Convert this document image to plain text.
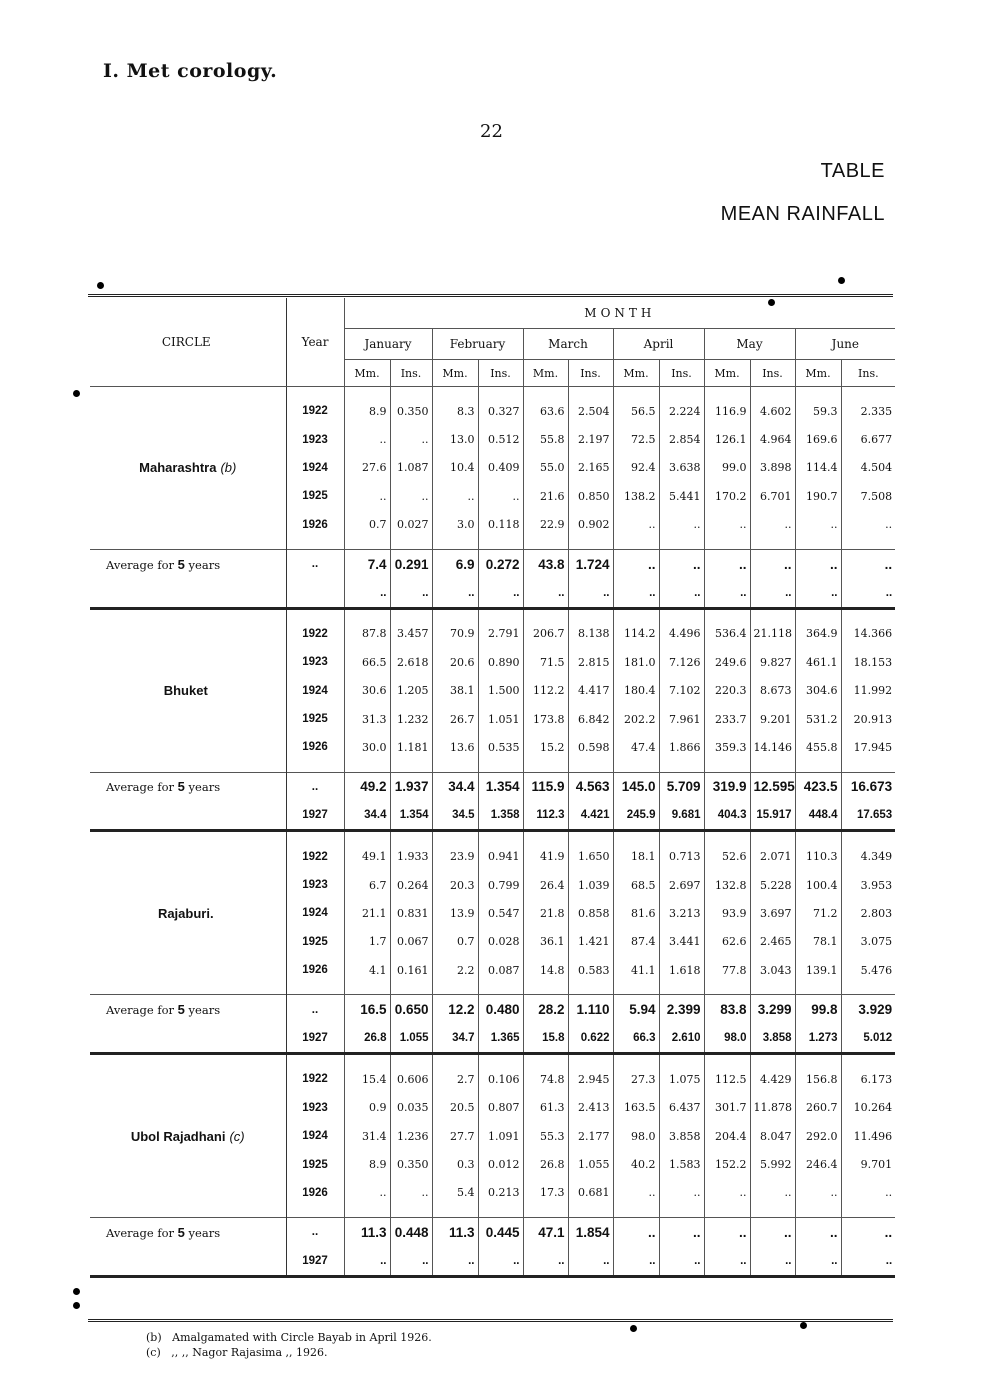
I. Met corology.
22
TABLE
MEAN RAINFALL
CIRCLE	Year	MONTH											
		January		February		March		April		May		June	
		Mm.	Ins.	Mm.	Ins.	Mm.	Ins.	Mm.	Ins.	Mm.	Ins.	Mm.	Ins.

Maharashtra (b)	1922	8.9	0.350	8.3	0.327	63.6	2.504	56.5	2.224	116.9	4.602	59.3	2.335
	1923	..	..	13.0	0.512	55.8	2.197	72.5	2.854	126.1	4.964	169.6	6.677
	1924	27.6	1.087	10.4	0.409	55.0	2.165	92.4	3.638	99.0	3.898	114.4	4.504
	1925	..	..	..	..	21.6	0.850	138.2	5.441	170.2	6.701	190.7	7.508
	1926	0.7	0.027	3.0	0.118	22.9	0.902	..	..	..	..	..	..

Average for 5 years	..	7.4	0.291	6.9	0.272	43.8	1.724	..	..	..	..	..	..
		..	..	..	..	..	..	..	..	..	..	..	..

Bhuket	1922	87.8	3.457	70.9	2.791	206.7	8.138	114.2	4.496	536.4	21.118	364.9	14.366
	1923	66.5	2.618	20.6	0.890	71.5	2.815	181.0	7.126	249.6	9.827	461.1	18.153
	1924	30.6	1.205	38.1	1.500	112.2	4.417	180.4	7.102	220.3	8.673	304.6	11.992
	1925	31.3	1.232	26.7	1.051	173.8	6.842	202.2	7.961	233.7	9.201	531.2	20.913
	1926	30.0	1.181	13.6	0.535	15.2	0.598	47.4	1.866	359.3	14.146	455.8	17.945

Average for 5 years	..	49.2	1.937	34.4	1.354	115.9	4.563	145.0	5.709	319.9	12.595	423.5	16.673
	1927	34.4	1.354	34.5	1.358	112.3	4.421	245.9	9.681	404.3	15.917	448.4	17.653

Rajaburi.	1922	49.1	1.933	23.9	0.941	41.9	1.650	18.1	0.713	52.6	2.071	110.3	4.349
	1923	6.7	0.264	20.3	0.799	26.4	1.039	68.5	2.697	132.8	5.228	100.4	3.953
	1924	21.1	0.831	13.9	0.547	21.8	0.858	81.6	3.213	93.9	3.697	71.2	2.803
	1925	1.7	0.067	0.7	0.028	36.1	1.421	87.4	3.441	62.6	2.465	78.1	3.075
	1926	4.1	0.161	2.2	0.087	14.8	0.583	41.1	1.618	77.8	3.043	139.1	5.476

Average for 5 years	..	16.5	0.650	12.2	0.480	28.2	1.110	5.94	2.399	83.8	3.299	99.8	3.929
	1927	26.8	1.055	34.7	1.365	15.8	0.622	66.3	2.610	98.0	3.858	1.273	5.012

Ubol Rajadhani (c)	1922	15.4	0.606	2.7	0.106	74.8	2.945	27.3	1.075	112.5	4.429	156.8	6.173
	1923	0.9	0.035	20.5	0.807	61.3	2.413	163.5	6.437	301.7	11.878	260.7	10.264
	1924	31.4	1.236	27.7	1.091	55.3	2.177	98.0	3.858	204.4	8.047	292.0	11.496
	1925	8.9	0.350	0.3	0.012	26.8	1.055	40.2	1.583	152.2	5.992	246.4	9.701
	1926	..	..	5.4	0.213	17.3	0.681	..	..	..	..	..	..

Average for 5 years	..	11.3	0.448	11.3	0.445	47.1	1.854	..	..	..	..	..	..
	1927	..	..	..	..	..	..	..	..	..	..	..	..
(b) Amalgamated with Circle Bayab in April 1926.
(c) ,, ,, Nagor Rajasima ,, 1926.
